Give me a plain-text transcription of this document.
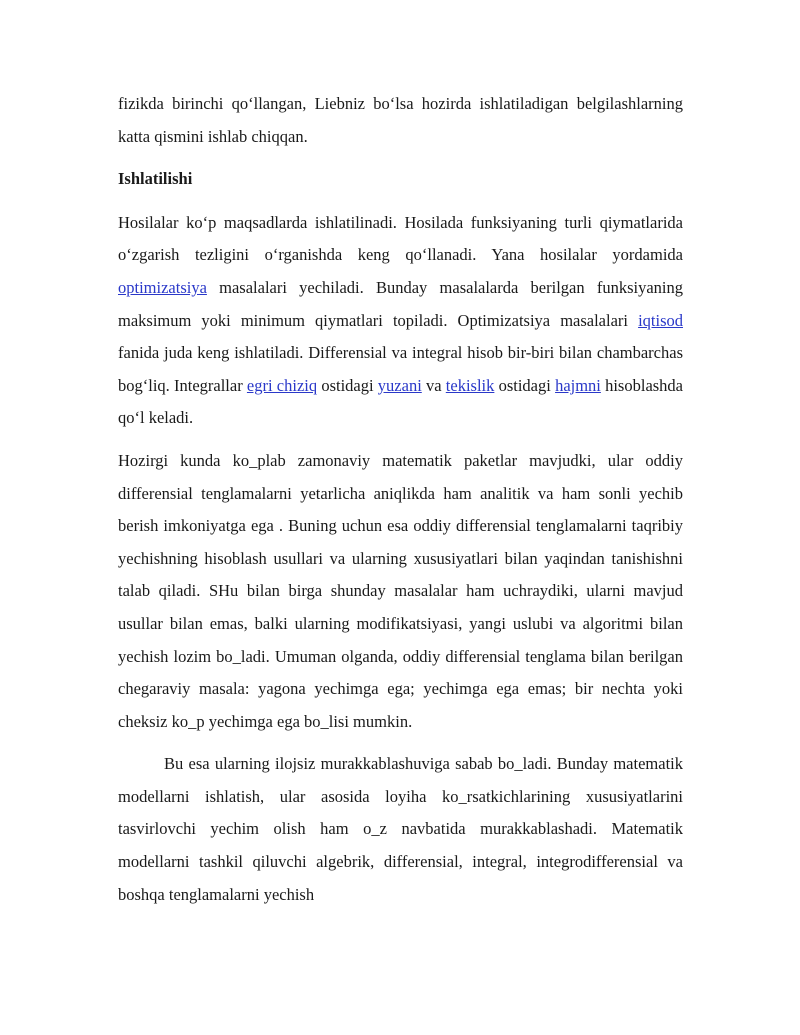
fizikda birinchi qo‘llangan, Liebniz bo‘lsa hozirda ishlatiladigan belgilashlarning katta qismini ishlab chiqqan.

Ishlatilishi

Hosilalar ko‘p maqsadlarda ishlatilinadi. Hosilada funksiyaning turli qiymatlarida o‘zgarish tezligini o‘rganishda keng qo‘llanadi. Yana hosilalar yordamida optimizatsiya masalalari yechiladi. Bunday masalalarda berilgan funksiyaning maksimum yoki minimum qiymatlari topiladi. Optimizatsiya masalalari iqtisod fanida juda keng ishlatiladi. Differensial va integral hisob bir-biri bilan chambarchas bog‘liq. Integrallar egri chiziq ostidagi yuzani va tekislik ostidagi hajmni hisoblashda qo‘l keladi.

Hozirgi kunda ko_plab zamonaviy matematik paketlar mavjudki, ular oddiy differensial tenglamalarni yetarlicha aniqlikda ham analitik va ham sonli yechib berish imkoniyatga ega . Buning uchun esa oddiy differensial tenglamalarni taqribiy yechishning hisoblash usullari va ularning xususiyatlari bilan yaqindan tanishishni talab qiladi. SHu bilan birga shunday masalalar ham uchraydiki, ularni mavjud usullar bilan emas, balki ularning modifikatsiyasi, yangi uslubi va algoritmi bilan yechish lozim bo_ladi. Umuman olganda, oddiy differensial tenglama bilan berilgan chegaraviy masala: yagona yechimga ega; yechimga ega emas; bir nechta yoki cheksiz ko_p yechimga ega bo_lisi mumkin.

Bu esa ularning ilojsiz murakkablashuviga sabab bo_ladi. Bunday matematik modellarni ishlatish, ular asosida loyiha ko_rsatkichlarining xususiyatlarini tasvirlovchi yechim olish ham o_z navbatida murakkablashadi. Matematik modellarni tashkil qiluvchi algebrik, differensial, integral, integrodifferensial va boshqa tenglamalarni yechish
